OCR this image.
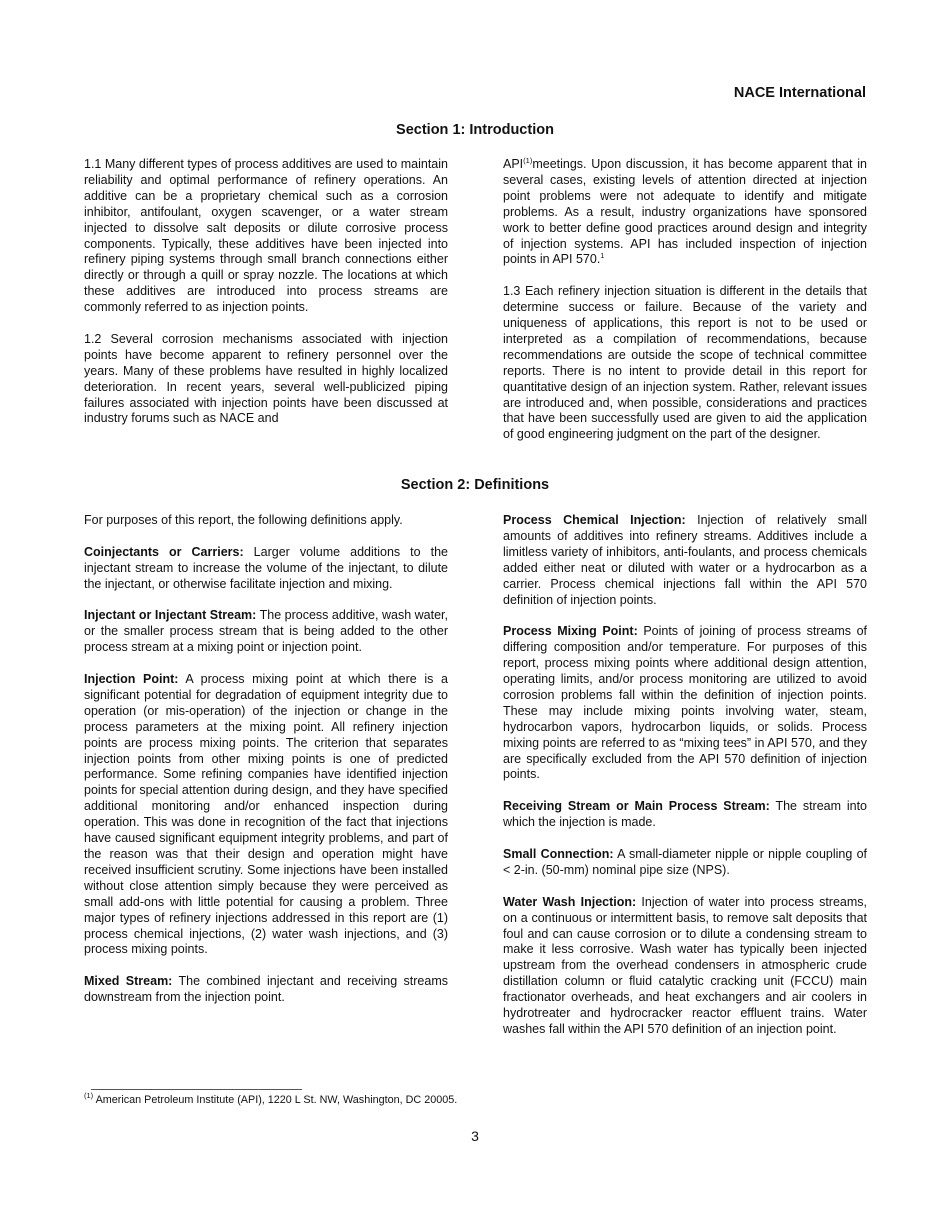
NACE International
Section 1: Introduction

1.1 Many different types of process additives are used to maintain reliability and optimal performance of refinery operations. An additive can be a proprietary chemical such as a corrosion inhibitor, antifoulant, oxygen scavenger, or a water stream injected to dissolve salt deposits or dilute corrosive process components. Typically, these additives have been injected into refinery piping systems through small branch connections either directly or through a quill or spray nozzle. The locations at which these additives are introduced into process streams are commonly referred to as injection points.

1.2 Several corrosion mechanisms associated with injection points have become apparent to refinery personnel over the years. Many of these problems have resulted in highly localized deterioration. In recent years, several well-publicized piping failures associated with injection points have been discussed at industry forums such as NACE and

API$^{(1)}$meetings. Upon discussion, it has become apparent that in several cases, existing levels of attention directed at injection point problems were not adequate to identify and mitigate problems. As a result, industry organizations have sponsored work to better define good practices around design and integrity of injection systems. API has included inspection of injection points in API 570.$^1$

1.3 Each refinery injection situation is different in the details that determine success or failure. Because of the variety and uniqueness of applications, this report is not to be used or interpreted as a compilation of recommendations, because recommendations are outside the scope of technical committee reports. There is no intent to provide detail in this report for quantitative design of an injection system. Rather, relevant issues are introduced and, when possible, considerations and practices that have been successfully used are given to aid the application of good engineering judgment on the part of the designer.

Section 2: Definitions

For purposes of this report, the following definitions apply.

Coinjectants or Carriers: Larger volume additions to the injectant stream to increase the volume of the injectant, to dilute the injectant, or otherwise facilitate injection and mixing.

Injectant or Injectant Stream: The process additive, wash water, or the smaller process stream that is being added to the other process stream at a mixing point or injection point.

Injection Point: A process mixing point at which there is a significant potential for degradation of equipment integrity due to operation (or mis-operation) of the injection or change in the process parameters at the mixing point. All refinery injection points are process mixing points. The criterion that separates injection points from other mixing points is one of predicted performance. Some refining companies have identified injection points for special attention during design, and they have specified additional monitoring and/or enhanced inspection during operation. This was done in recognition of the fact that injections have caused significant equipment integrity problems, and part of the reason was that their design and operation might have received insufficient scrutiny. Some injections have been installed without close attention simply because they were perceived as small add-ons with little potential for causing a problem. Three major types of refinery injections addressed in this report are (1) process chemical injections, (2) water wash injections, and (3) process mixing points.

Mixed Stream: The combined injectant and receiving streams downstream from the injection point.

Process Chemical Injection: Injection of relatively small amounts of additives into refinery streams. Additives include a limitless variety of inhibitors, anti-foulants, and process chemicals added either neat or diluted with water or a hydrocarbon as a carrier. Process chemical injections fall within the API 570 definition of injection points.

Process Mixing Point: Points of joining of process streams of differing composition and/or temperature. For purposes of this report, process mixing points where additional design attention, operating limits, and/or process monitoring are utilized to avoid corrosion problems fall within the definition of injection points. These may include mixing points involving water, steam, hydrocarbon vapors, hydrocarbon liquids, or solids. Process mixing points are referred to as “mixing tees” in API 570, and they are specifically excluded from the API 570 definition of injection points.

Receiving Stream or Main Process Stream: The stream into which the injection is made.

Small Connection: A small-diameter nipple or nipple coupling of < 2-in. (50-mm) nominal pipe size (NPS).

Water Wash Injection: Injection of water into process streams, on a continuous or intermittent basis, to remove salt deposits that foul and can cause corrosion or to dilute a condensing stream to make it less corrosive. Wash water has typically been injected upstream from the overhead condensers in atmospheric crude distillation column or fluid catalytic cracking unit (FCCU) main fractionator overheads, and heat exchangers and air coolers in hydrotreater and hydrocracker reactor effluent trains. Water washes fall within the API 570 definition of an injection point.

$^{(1)}$ American Petroleum Institute (API), 1220 L St. NW, Washington, DC 20005.
3
